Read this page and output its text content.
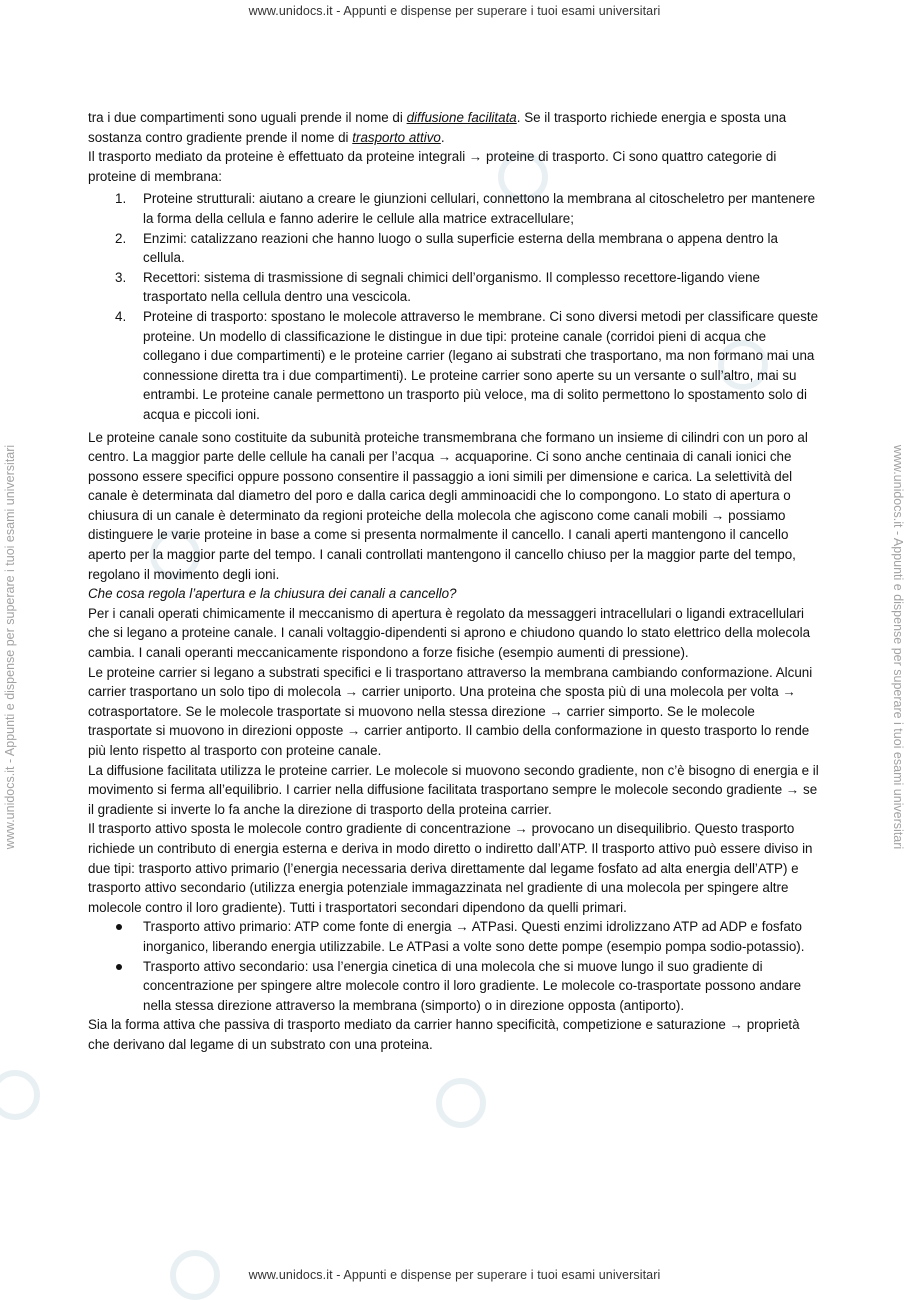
www.unidocs.it - Appunti e dispense per superare i tuoi esami universitari
www.unidocs.it - Appunti e dispense per superare i tuoi esami universitari
www.unidocs.it - Appunti e dispense per superare i tuoi esami universitari	www.unidocs.it - Appunti e dispense per superare i tuoi esami universitari

tra i due compartimenti sono uguali prende il nome di diffusione facilitata. Se il trasporto richiede energia e sposta una sostanza contro gradiente prende il nome di trasporto attivo.

Il trasporto mediato da proteine è effettuato da proteine integrali → proteine di trasporto. Ci sono quattro categorie di proteine di membrana:

1. Proteine strutturali: aiutano a creare le giunzioni cellulari, connettono la membrana al citoscheletro per mantenere la forma della cellula e fanno aderire le cellule alla matrice extracellulare;
2. Enzimi: catalizzano reazioni che hanno luogo o sulla superficie esterna della membrana o appena dentro la cellula.
3. Recettori: sistema di trasmissione di segnali chimici dell’organismo. Il complesso recettore-ligando viene trasportato nella cellula dentro una vescicola.
4. Proteine di trasporto: spostano le molecole attraverso le membrane. Ci sono diversi metodi per classificare queste proteine. Un modello di classificazione le distingue in due tipi: proteine canale (corridoi pieni di acqua che collegano i due compartimenti) e le proteine carrier (legano ai substrati che trasportano, ma non formano mai una connessione diretta tra i due compartimenti). Le proteine carrier sono aperte su un versante o sull’altro, mai su entrambi. Le proteine canale permettono un trasporto più veloce, ma di solito permettono lo spostamento solo di acqua e piccoli ioni.

Le proteine canale sono costituite da subunità proteiche transmembrana che formano un insieme di cilindri con un poro al centro. La maggior parte delle cellule ha canali per l’acqua → acquaporine. Ci sono anche centinaia di canali ionici che possono essere specifici oppure possono consentire il passaggio a ioni simili per dimensione e carica. La selettività del canale è determinata dal diametro del poro e dalla carica degli amminoacidi che lo compongono. Lo stato di apertura o chiusura di un canale è determinato da regioni proteiche della molecola che agiscono come canali mobili → possiamo distinguere le varie proteine in base a come si presenta normalmente il cancello. I canali aperti mantengono il cancello aperto per la maggior parte del tempo. I canali controllati mantengono il cancello chiuso per la maggior parte del tempo, regolano il movimento degli ioni.

Che cosa regola l’apertura e la chiusura dei canali a cancello?

Per i canali operati chimicamente il meccanismo di apertura è regolato da messaggeri intracellulari o ligandi extracellulari che si legano a proteine canale. I canali voltaggio-dipendenti si aprono e chiudono quando lo stato elettrico della molecola cambia. I canali operanti meccanicamente rispondono a forze fisiche (esempio aumenti di pressione).

Le proteine carrier si legano a substrati specifici e li trasportano attraverso la membrana cambiando conformazione. Alcuni carrier trasportano un solo tipo di molecola → carrier uniporto. Una proteina che sposta più di una molecola per volta → cotrasportatore. Se le molecole trasportate si muovono nella stessa direzione → carrier simporto. Se le molecole trasportate si muovono in direzioni opposte → carrier antiporto. Il cambio della conformazione in questo trasporto lo rende più lento rispetto al trasporto con proteine canale.

La diffusione facilitata utilizza le proteine carrier. Le molecole si muovono secondo gradiente, non c’è bisogno di energia e il movimento si ferma all’equilibrio. I carrier nella diffusione facilitata trasportano sempre le molecole secondo gradiente → se il gradiente si inverte lo fa anche la direzione di trasporto della proteina carrier.

Il trasporto attivo sposta le molecole contro gradiente di concentrazione → provocano un disequilibrio. Questo trasporto richiede un contributo di energia esterna e deriva in modo diretto o indiretto dall’ATP. Il trasporto attivo può essere diviso in due tipi: trasporto attivo primario (l’energia necessaria deriva direttamente dal legame fosfato ad alta energia dell’ATP) e trasporto attivo secondario (utilizza energia potenziale immagazzinata nel gradiente di una molecola per spingere altre molecole contro il loro gradiente). Tutti i trasportatori secondari dipendono da quelli primari.

Trasporto attivo primario: ATP come fonte di energia → ATPasi. Questi enzimi idrolizzano ATP ad ADP e fosfato inorganico, liberando energia utilizzabile. Le ATPasi a volte sono dette pompe (esempio pompa sodio-potassio).
Trasporto attivo secondario: usa l’energia cinetica di una molecola che si muove lungo il suo gradiente di concentrazione per spingere altre molecole contro il loro gradiente. Le molecole co-trasportate possono andare nella stessa direzione attraverso la membrana (simporto) o in direzione opposta (antiporto).

Sia la forma attiva che passiva di trasporto mediato da carrier hanno specificità, competizione e saturazione → proprietà che derivano dal legame di un substrato con una proteina.
